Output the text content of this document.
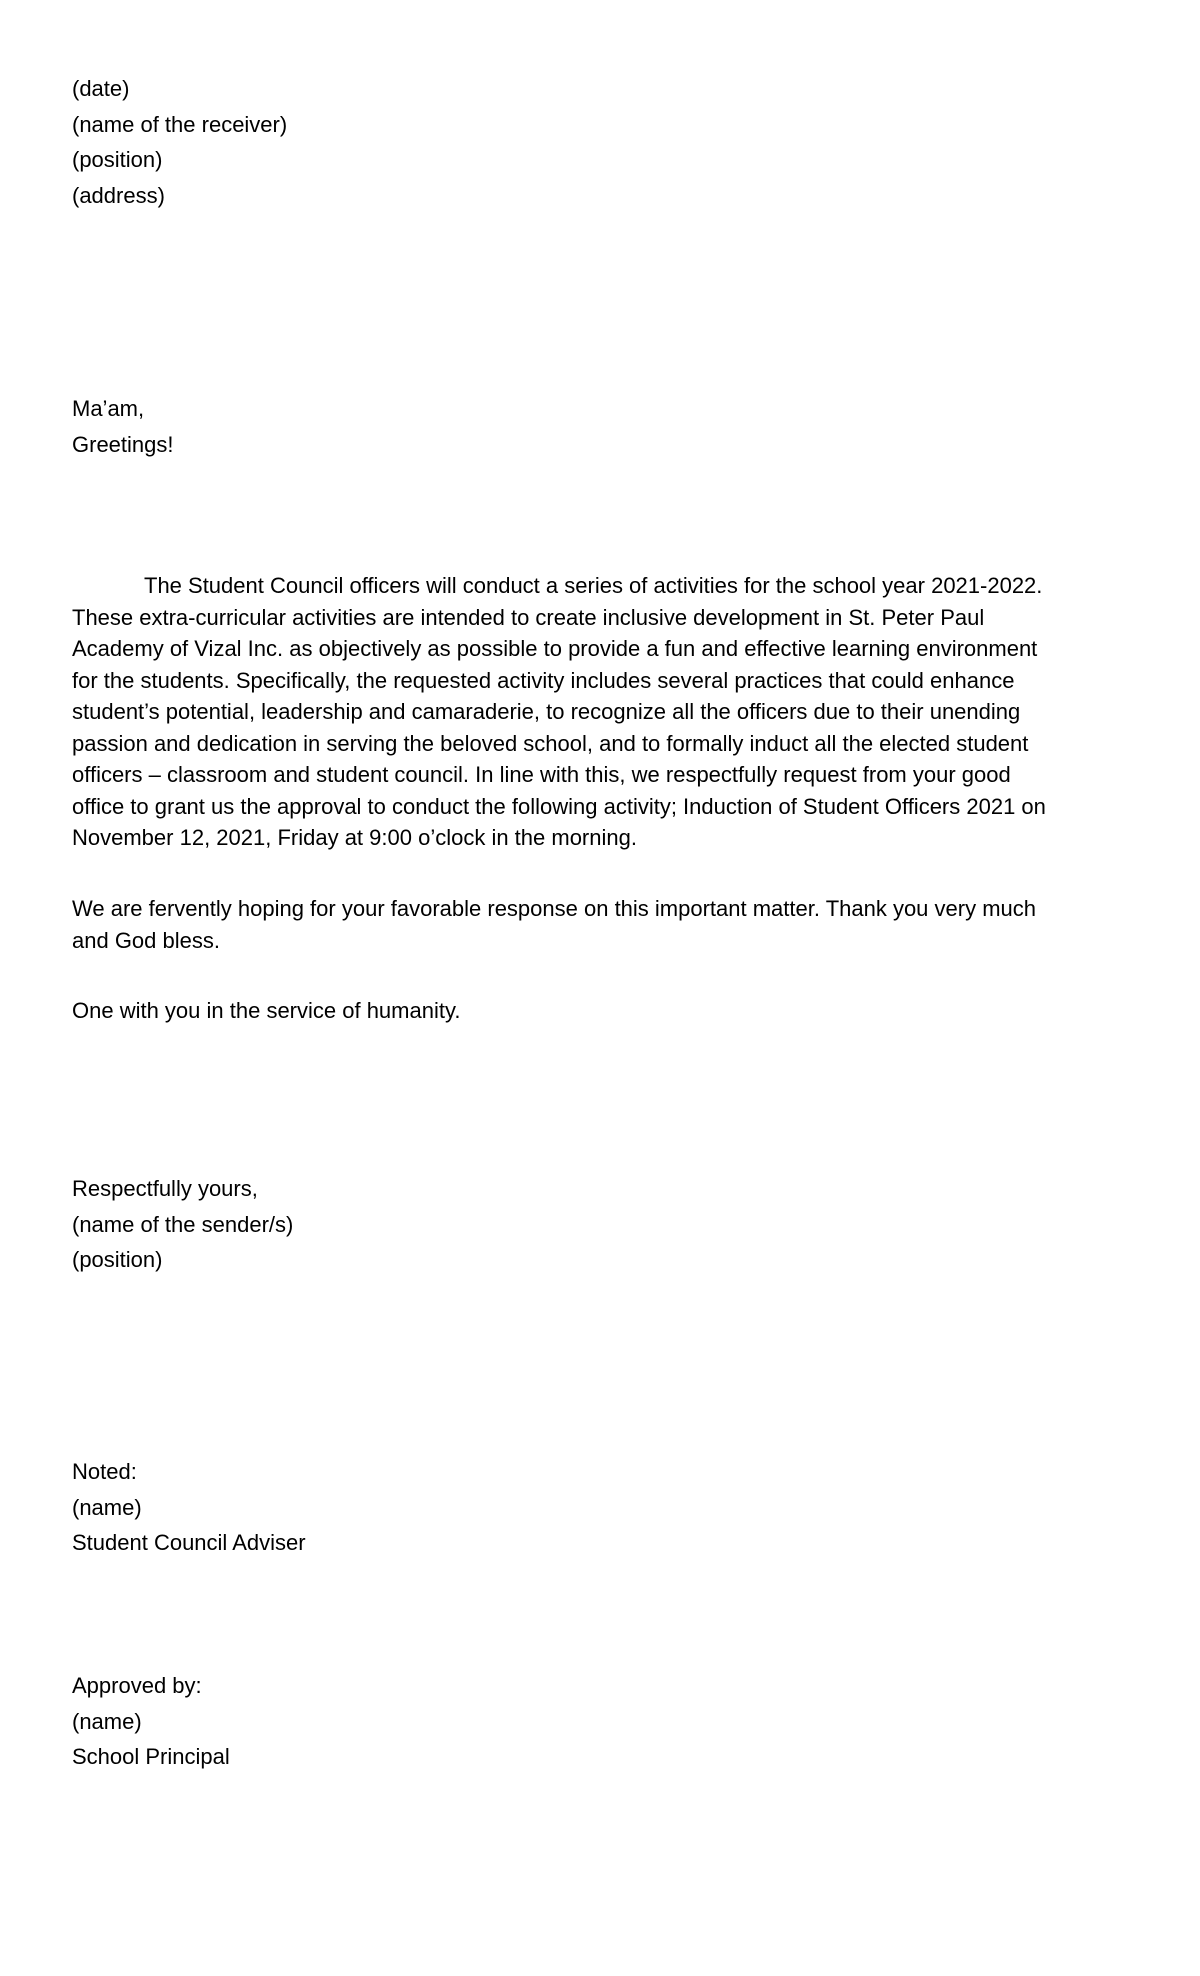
(date)
(name of the receiver)
(position)
(address)
Ma’am,
Greetings!
The Student Council officers will conduct a series of activities for the school year 2021-2022.
These extra-curricular activities are intended to create inclusive development in St. Peter Paul
Academy of Vizal Inc. as objectively as possible to provide a fun and effective learning environment
for the students. Specifically, the requested activity includes several practices that could enhance
student’s potential, leadership and camaraderie, to recognize all the officers due to their unending
passion and dedication in serving the beloved school, and to formally induct all the elected student
officers – classroom and student council. In line with this, we respectfully request from your good
office to grant us the approval to conduct the following activity; Induction of Student Officers 2021 on
November 12, 2021, Friday at 9:00 o’clock in the morning.
We are fervently hoping for your favorable response on this important matter. Thank you very much
and God bless.
One with you in the service of humanity.
Respectfully yours,
(name of the sender/s)
(position)
Noted:
(name)
Student Council Adviser
Approved by:
(name)
School Principal
